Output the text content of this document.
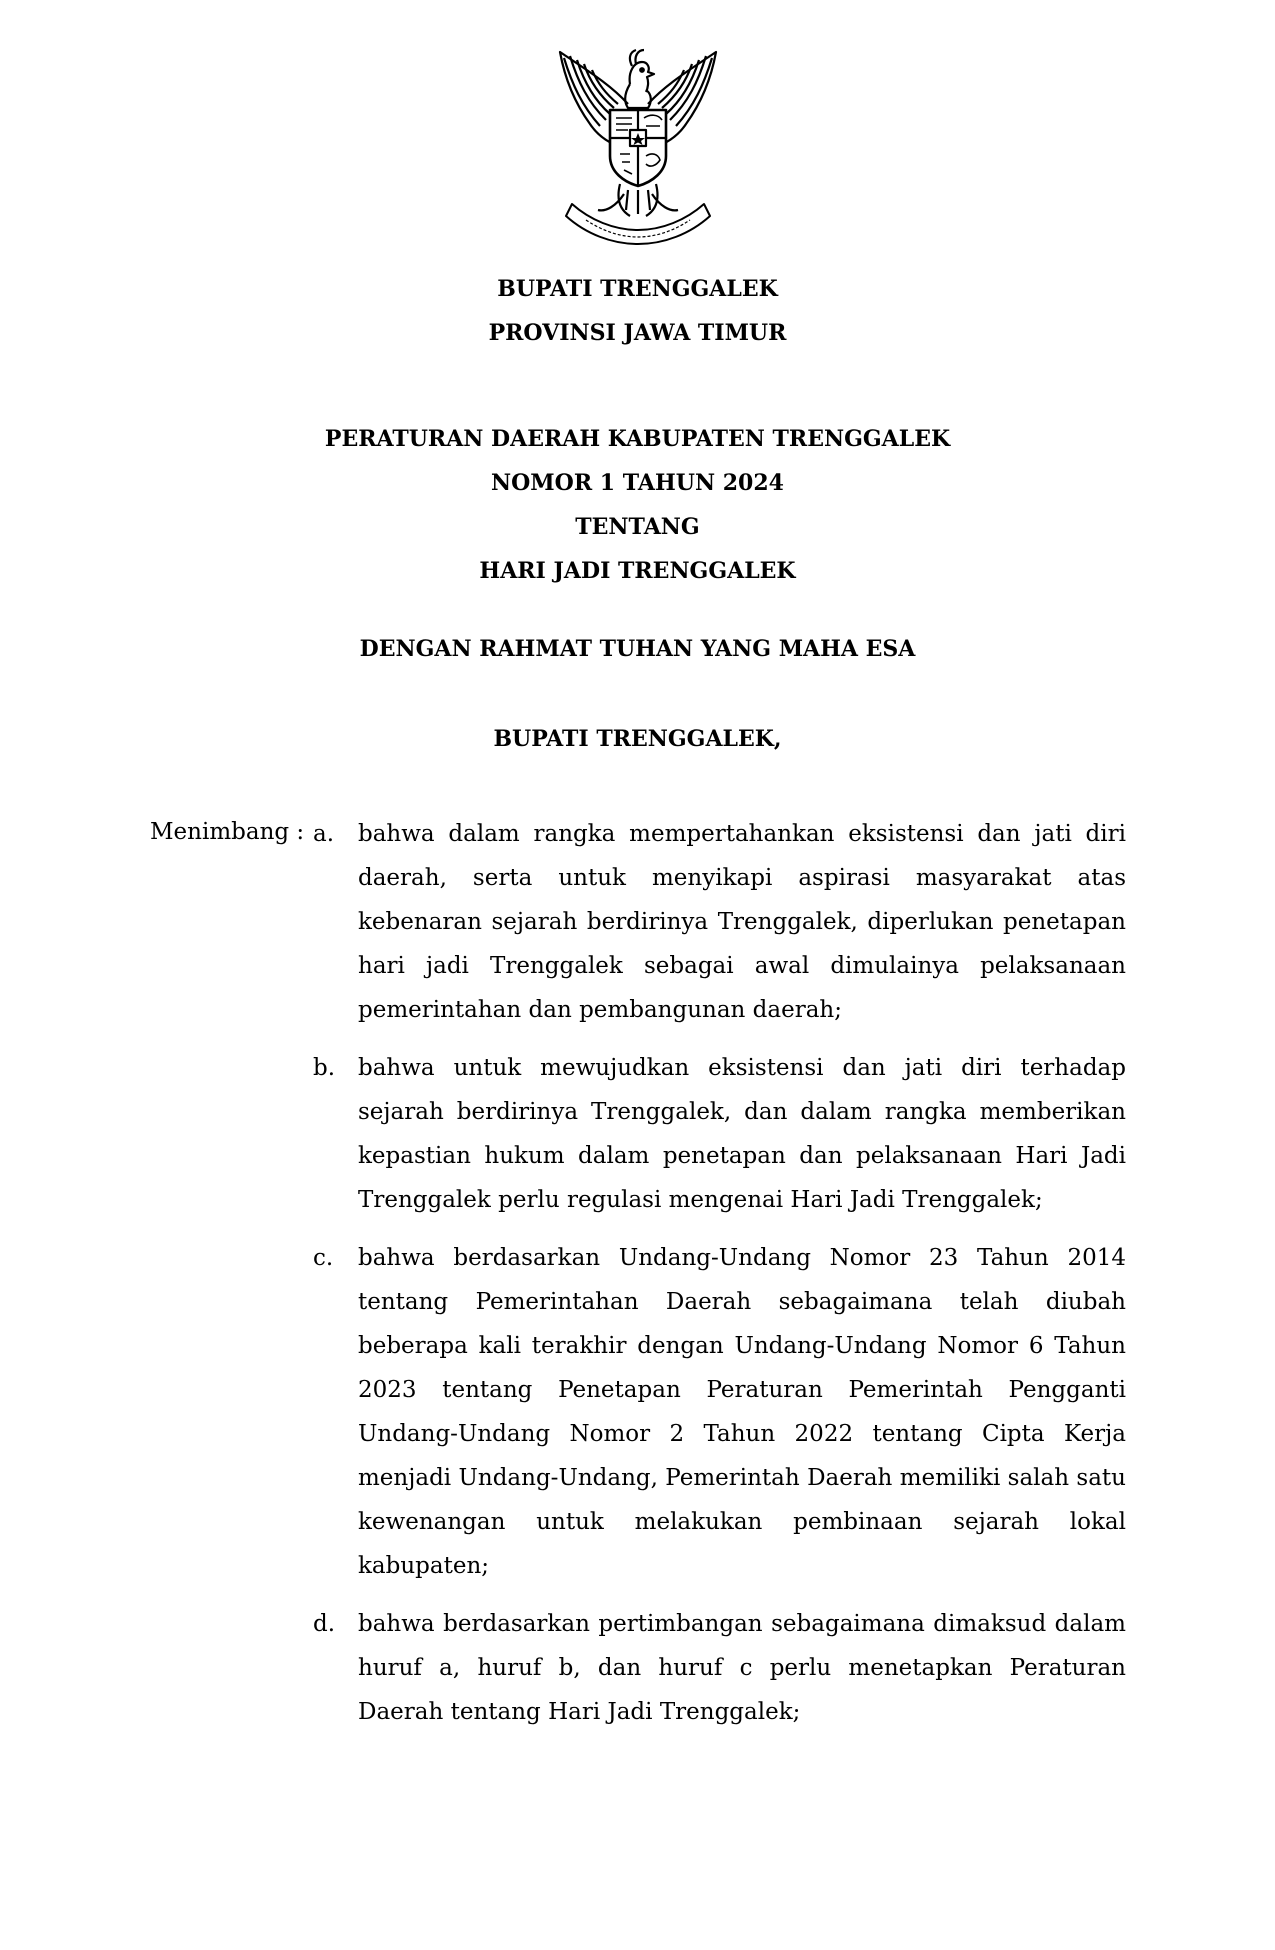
BUPATI TRENGGALEK
PROVINSI JAWA TIMUR
PERATURAN DAERAH KABUPATEN TRENGGALEK
NOMOR 1 TAHUN 2024
TENTANG
HARI JADI TRENGGALEK
DENGAN RAHMAT TUHAN YANG MAHA ESA
BUPATI TRENGGALEK,
Menimbang : a. bahwa dalam rangka mempertahankan eksistensi dan jati diri daerah, serta untuk menyikapi aspirasi masyarakat atas kebenaran sejarah berdirinya Trenggalek, diperlukan penetapan hari jadi Trenggalek sebagai awal dimulainya pelaksanaan pemerintahan dan pembangunan daerah;
b. bahwa untuk mewujudkan eksistensi dan jati diri terhadap sejarah berdirinya Trenggalek, dan dalam rangka memberikan kepastian hukum dalam penetapan dan pelaksanaan Hari Jadi Trenggalek perlu regulasi mengenai Hari Jadi Trenggalek;
c. bahwa berdasarkan Undang-Undang Nomor 23 Tahun 2014 tentang Pemerintahan Daerah sebagaimana telah diubah beberapa kali terakhir dengan Undang-Undang Nomor 6 Tahun 2023 tentang Penetapan Peraturan Pemerintah Pengganti Undang-Undang Nomor 2 Tahun 2022 tentang Cipta Kerja menjadi Undang-Undang, Pemerintah Daerah memiliki salah satu kewenangan untuk melakukan pembinaan sejarah lokal kabupaten;
d. bahwa berdasarkan pertimbangan sebagaimana dimaksud dalam huruf a, huruf b, dan huruf c perlu menetapkan Peraturan Daerah tentang Hari Jadi Trenggalek;
